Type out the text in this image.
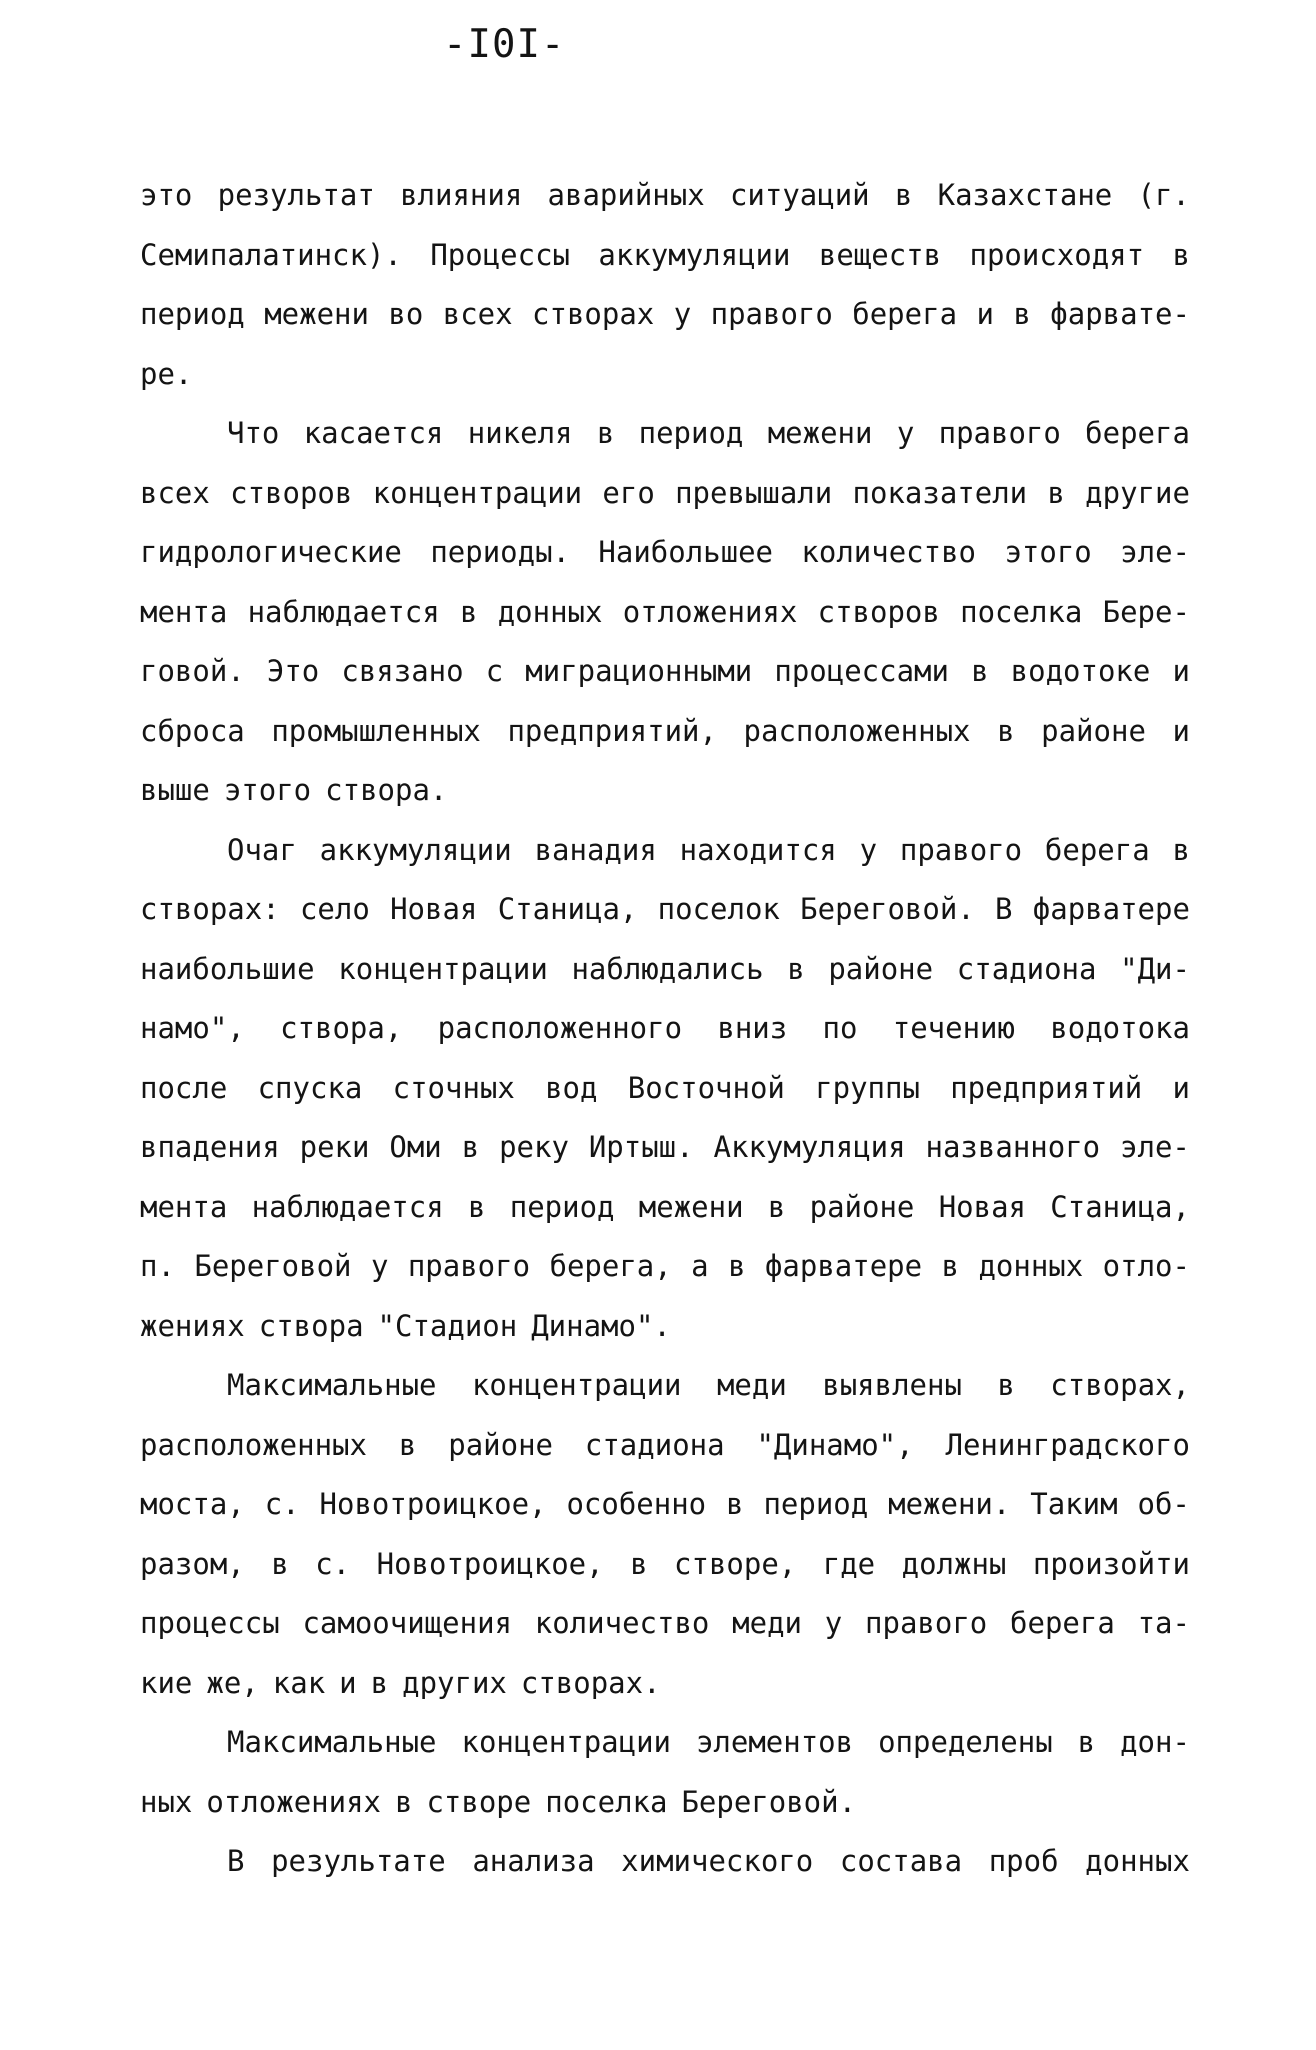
-I0I-
это результат влияния аварийных ситуаций в Казахстане (г.
Семипалатинск). Процессы аккумуляции веществ происходят в
период межени во всех створах у правого берега и в фарвате-
ре.
Что касается никеля в период межени у правого берега
всех створов концентрации его превышали показатели в другие
гидрологические периоды. Наибольшее количество этого эле-
мента наблюдается в донных отложениях створов поселка Бере-
говой. Это связано с миграционными процессами в водотоке и
сброса промышленных предприятий, расположенных в районе и
выше этого створа.
Очаг аккумуляции ванадия находится у правого берега в
створах: село Новая Станица, поселок Береговой. В фарватере
наибольшие концентрации наблюдались в районе стадиона "Ди-
намо", створа, расположенного вниз по течению водотока
после спуска сточных вод Восточной группы предприятий и
впадения реки Оми в реку Иртыш. Аккумуляция названного эле-
мента наблюдается в период межени в районе Новая Станица,
п. Береговой у правого берега, а в фарватере в донных отло-
жениях створа "Стадион Динамо".
Максимальные концентрации меди выявлены в створах,
расположенных в районе стадиона "Динамо", Ленинградского
моста, с. Новотроицкое, особенно в период межени. Таким об-
разом, в с. Новотроицкое, в створе, где должны произойти
процессы самоочищения количество меди у правого берега та-
кие же, как и в других створах.
Максимальные концентрации элементов определены в дон-
ных отложениях в створе поселка Береговой.
В результате анализа химического состава проб донных
